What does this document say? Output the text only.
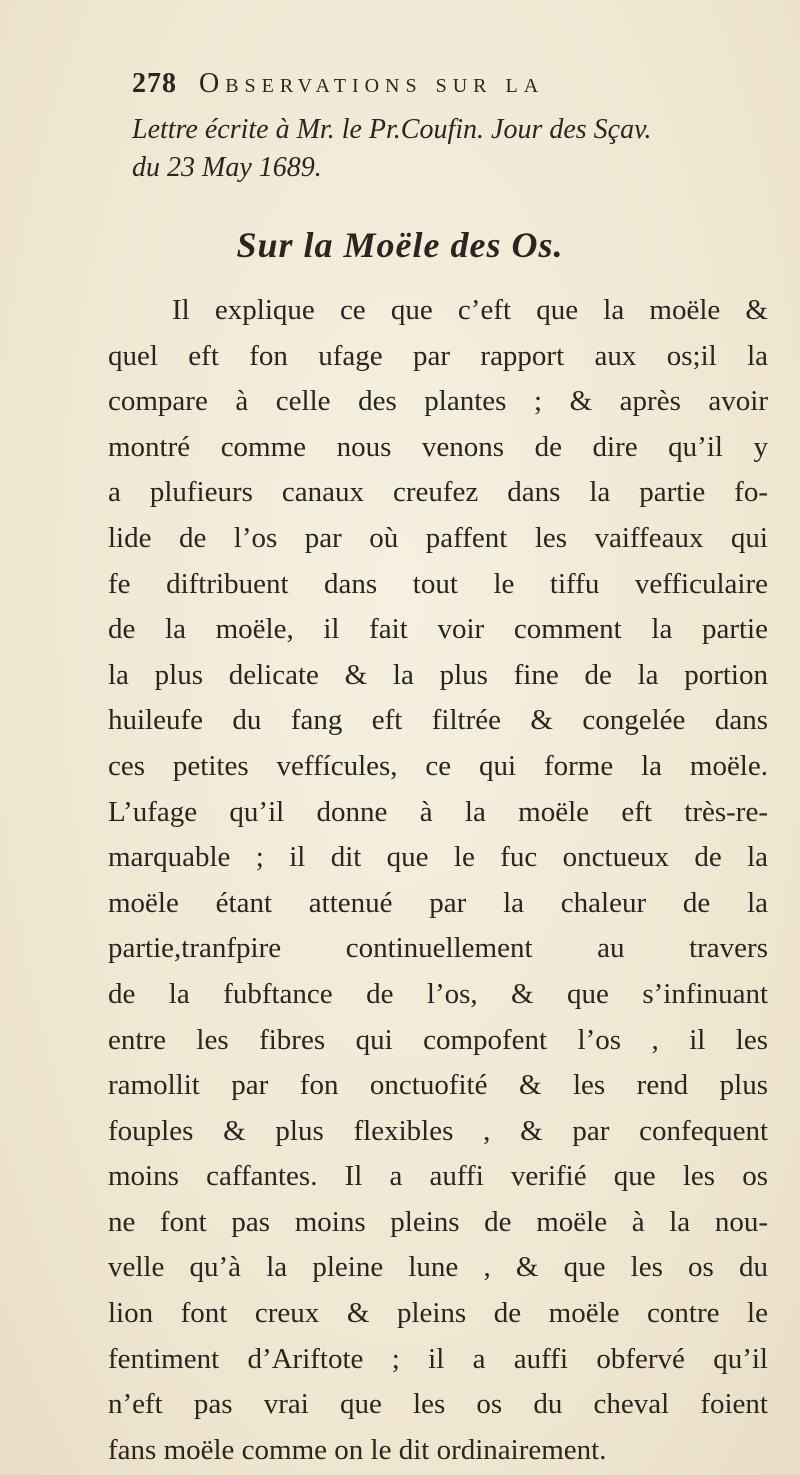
278 Observations sur la
Lettre écrite à Mr. le Pr.Coufin. Jour des Sçav.
du 23 May 1689.
Sur la Moële des Os.
Il explique ce que c’eft que la moële &
quel eft fon ufage par rapport aux os;il la
compare à celle des plantes ; & après avoir
montré comme nous venons de dire qu’il y
a plufieurs canaux creufez dans la partie fo-
lide de l’os par où paffent les vaiffeaux qui
fe diftribuent dans tout le tiffu vefficulaire
de la moële, il fait voir comment la partie
la plus delicate & la plus fine de la portion
huileufe du fang eft filtrée & congelée dans
ces petites veffícules, ce qui forme la moële.
L’ufage qu’il donne à la moële eft très-re-
marquable ; il dit que le fuc onctueux de la
moële étant attenué par la chaleur de la
partie,tranfpire continuellement au travers
de la fubftance de l’os, & que s’infinuant
entre les fibres qui compofent l’os , il les
ramollit par fon onctuofité & les rend plus
fouples & plus flexibles , & par confequent
moins caffantes. Il a auffi verifié que les os
ne font pas moins pleins de moële à la nou-
velle qu’à la pleine lune , & que les os du
lion font creux & pleins de moële contre le
fentiment d’Ariftote ; il a auffi obfervé qu’il
n’eft pas vrai que les os du cheval foient
fans moële comme on le dit ordinairement.
